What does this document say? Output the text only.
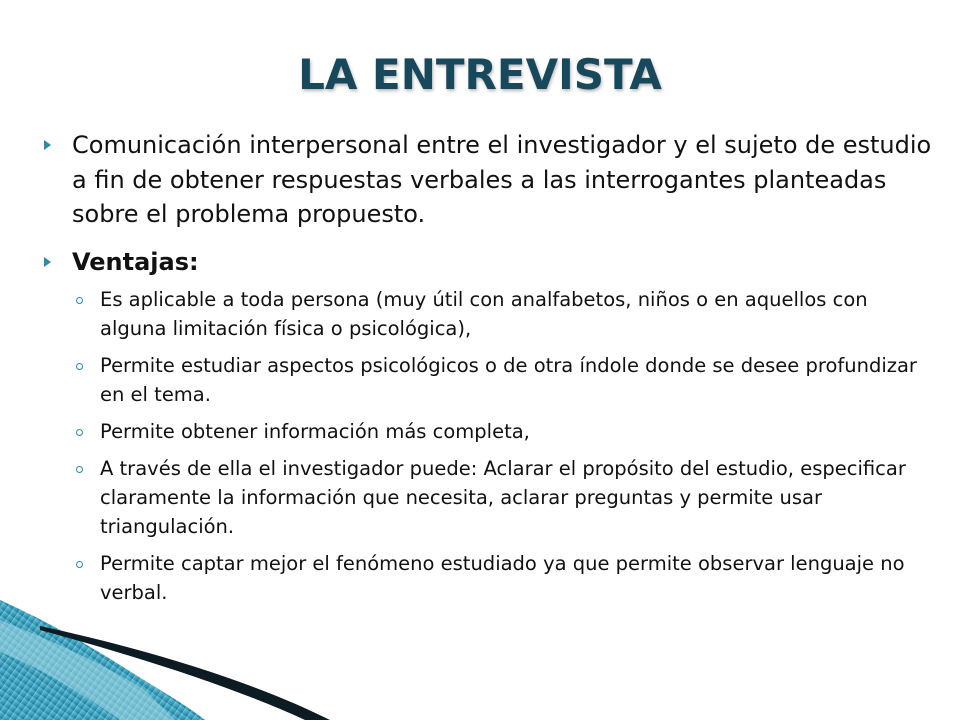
LA ENTREVISTA
Comunicación interpersonal entre el investigador y el sujeto de estudio a fin de obtener respuestas verbales a las interrogantes planteadas sobre el problema propuesto.
Ventajas:
Es aplicable a toda persona (muy útil con analfabetos, niños o en aquellos con alguna limitación física o psicológica),
Permite estudiar aspectos psicológicos o de otra índole donde se desee profundizar en el tema.
Permite obtener información más completa,
A través de ella el investigador puede: Aclarar el propósito del estudio, especificar claramente la información que necesita, aclarar preguntas y permite usar triangulación.
Permite captar mejor el fenómeno estudiado ya que permite observar lenguaje no verbal.
